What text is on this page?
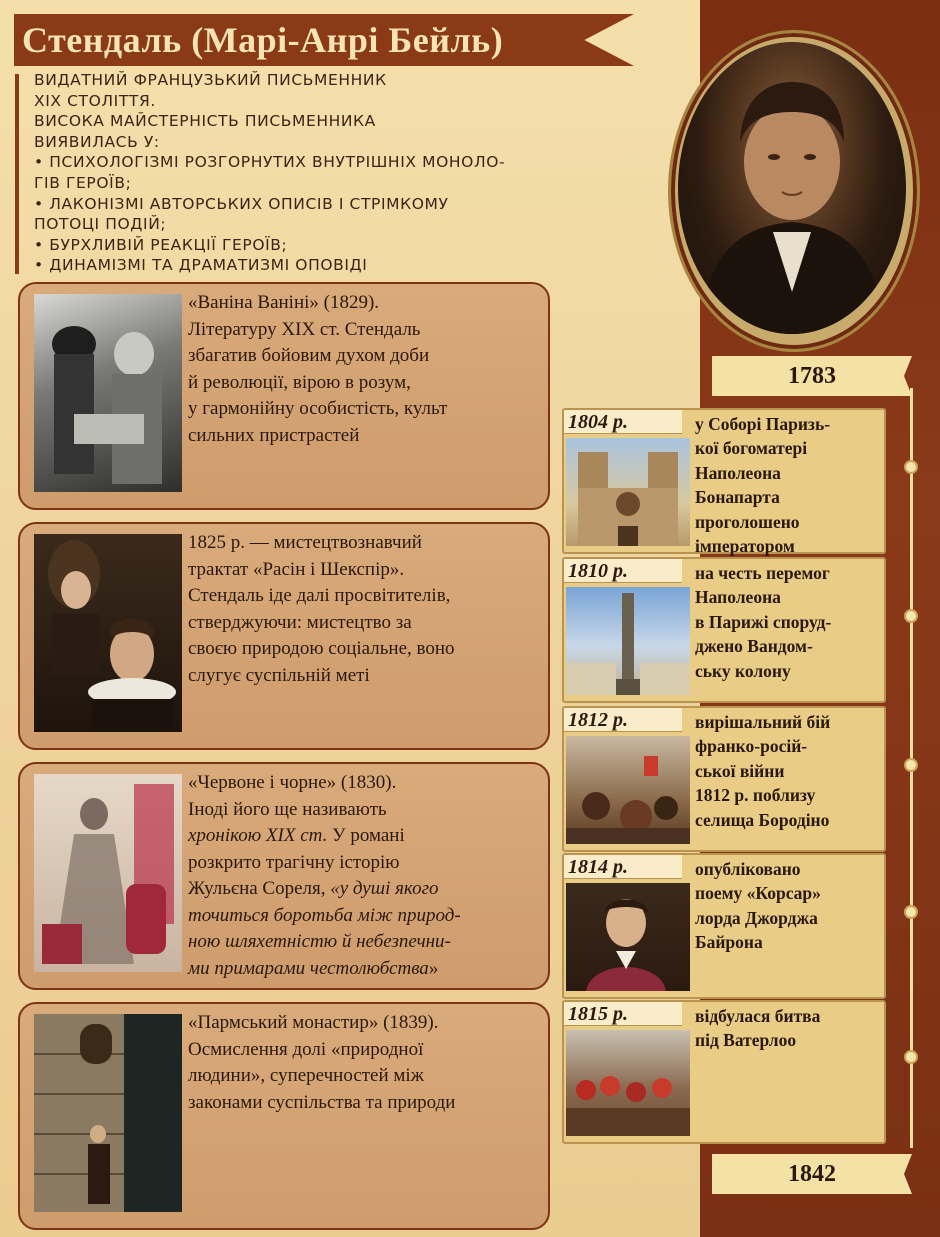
Стендаль (Марі-Анрі Бейль)
ВИДАТНИЙ ФРАНЦУЗЬКИЙ ПИСЬМЕННИК
ХІХ СТОЛІТТЯ.
ВИСОКА МАЙСТЕРНІСТЬ ПИСЬМЕННИКА
ВИЯВИЛАСЬ У:
• ПСИХОЛОГІЗМІ РОЗГОРНУТИХ ВНУТРІШНІХ МОНОЛО-
ГІВ ГЕРОЇВ;
• ЛАКОНІЗМІ АВТОРСЬКИХ ОПИСІВ І СТРІМКОМУ
ПОТОЦІ ПОДІЙ;
• БУРХЛИВІЙ РЕАКЦІЇ ГЕРОЇВ;
• ДИНАМІЗМІ ТА ДРАМАТИЗМІ ОПОВІДІ
«Ваніна Ваніні» (1829).
Літературу XIX ст. Стендаль
збагатив бойовим духом доби
й революції, вірою в розум,
у гармонійну особистість, культ
сильних пристрастей
1825 р. — мистецтвознавчий
трактат «Расін і Шекспір».
Стендаль іде далі просвітителів,
стверджуючи: мистецтво за
своєю природою соціальне, воно
слугує суспільній меті
«Червоне і чорне» (1830).
Іноді його ще називають
хронікою XIX ст. У романі
розкрито трагічну історію
Жульєна Сореля, «у душі якого
точиться боротьба між природ-
ною шляхетністю й небезпечни-
ми примарами честолюбства»
«Пармський монастир» (1839).
Осмислення долі «природної
людини», суперечностей між
законами суспільства та природи
1783
1804 р.	у Соборі Паризь-
кої богоматері
Наполеона
Бонапарта
проголошено
імператором
1810 р.	на честь перемог
Наполеона
в Парижі споруд-
джено Вандом-
ську колону
1812 р.	вирішальний бій
франко-росій-
ської війни
1812 р. поблизу
селища Бородіно
1814 р.	опубліковано
поему «Корсар»
лорда Джорджа
Байрона
1815 р.	відбулася битва
під Ватерлоо
1842
